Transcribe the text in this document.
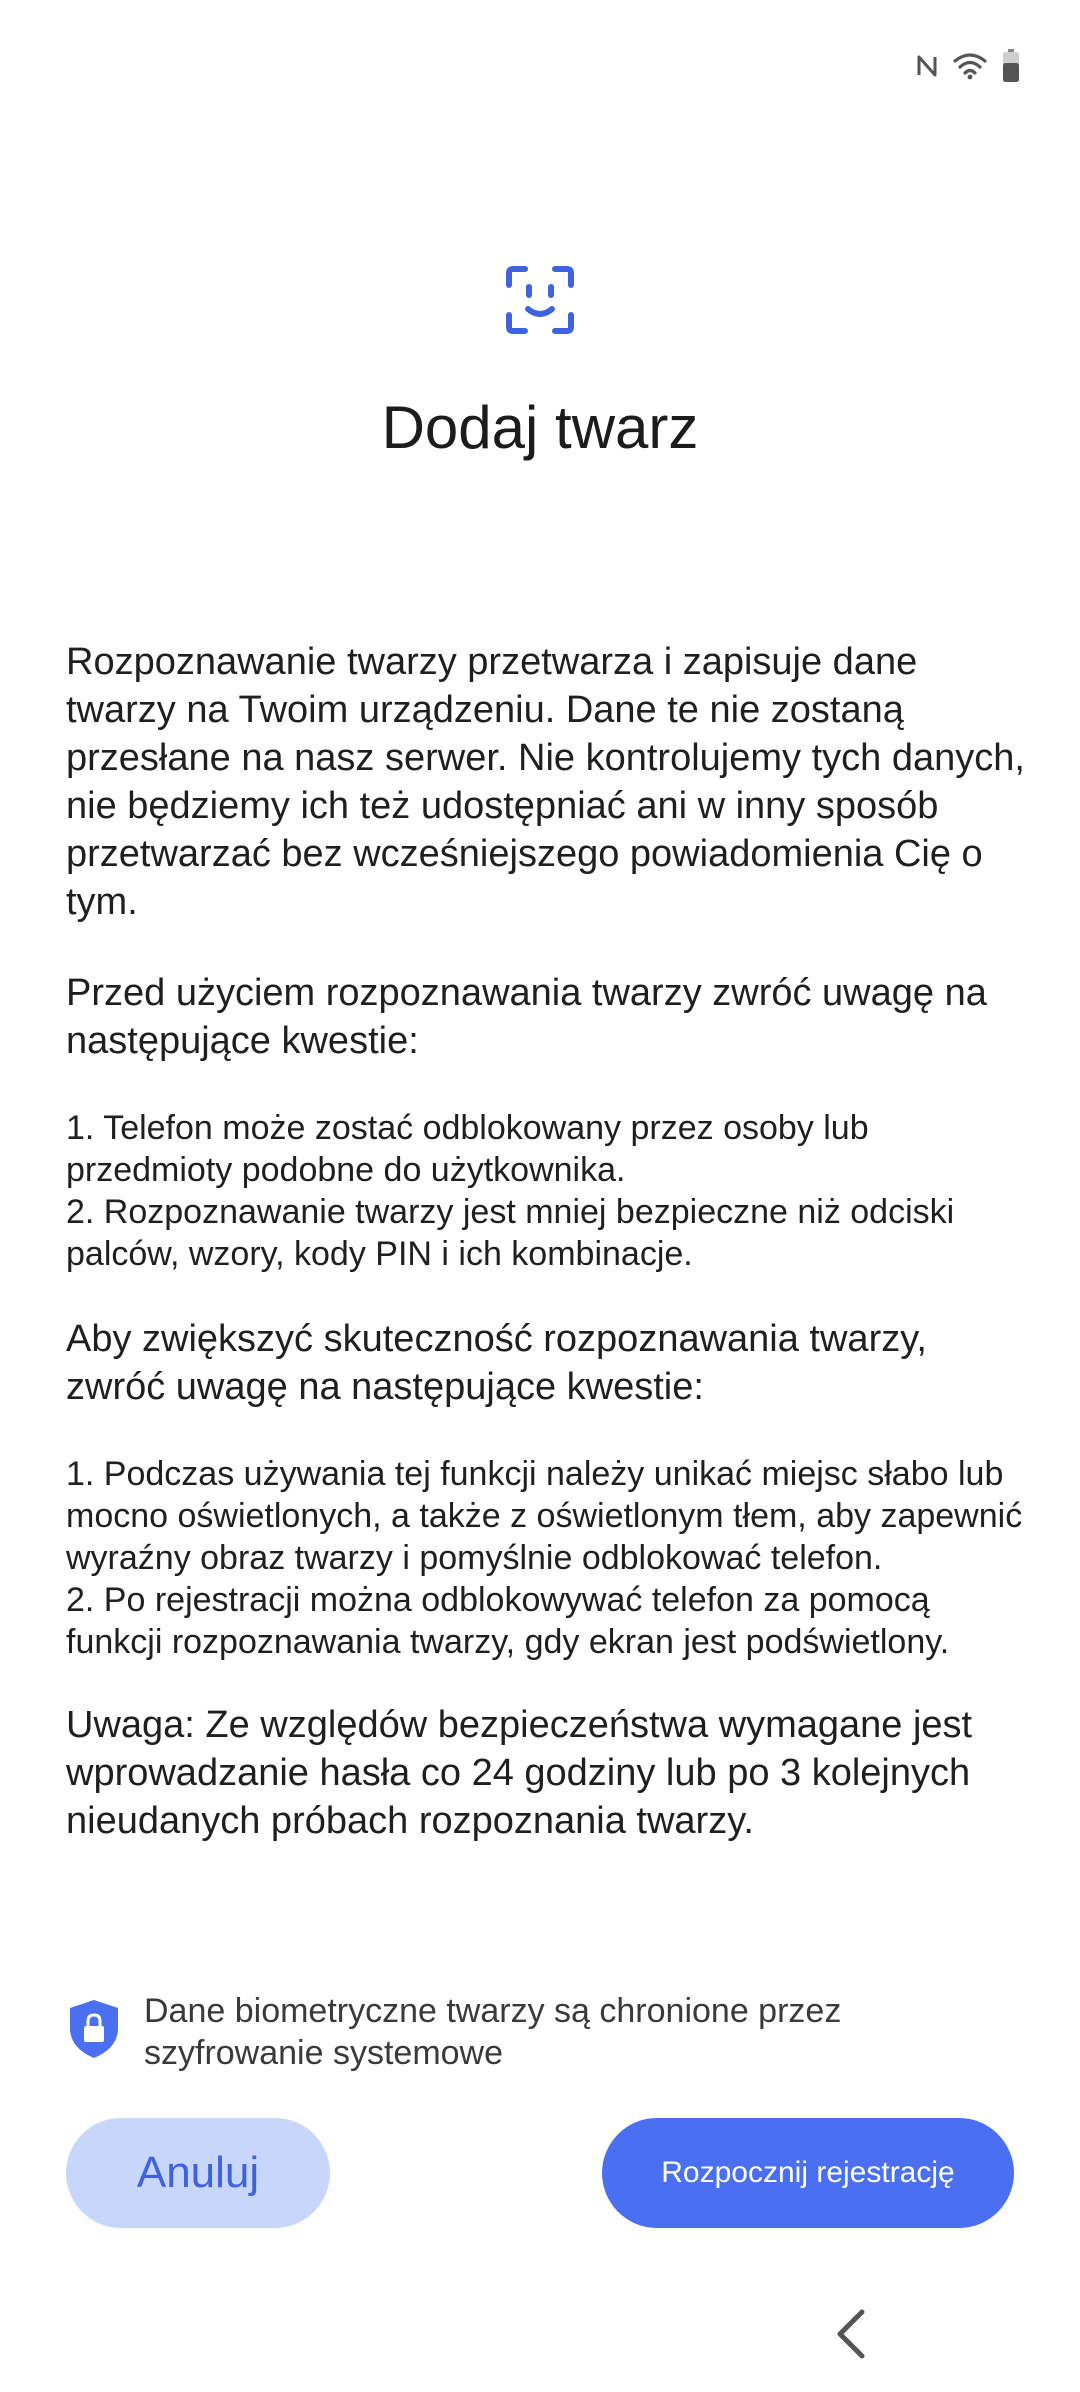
Dodaj twarz

Rozpoznawanie twarzy przetwarza i zapisuje dane twarzy na Twoim urządzeniu. Dane te nie zostaną przesłane na nasz serwer. Nie kontrolujemy tych danych, nie będziemy ich też udostępniać ani w inny sposób przetwarzać bez wcześniejszego powiadomienia Cię o tym.

Przed użyciem rozpoznawania twarzy zwróć uwagę na następujące kwestie:

1. Telefon może zostać odblokowany przez osoby lub przedmioty podobne do użytkownika.
2. Rozpoznawanie twarzy jest mniej bezpieczne niż odciski palców, wzory, kody PIN i ich kombinacje.

Aby zwiększyć skuteczność rozpoznawania twarzy, zwróć uwagę na następujące kwestie:

1. Podczas używania tej funkcji należy unikać miejsc słabo lub mocno oświetlonych, a także z oświetlonym tłem, aby zapewnić wyraźny obraz twarzy i pomyślnie odblokować telefon.
2. Po rejestracji można odblokowywać telefon za pomocą funkcji rozpoznawania twarzy, gdy ekran jest podświetlony.

Uwaga: Ze względów bezpieczeństwa wymagane jest wprowadzanie hasła co 24 godziny lub po 3 kolejnych nieudanych próbach rozpoznania twarzy.

Dane biometryczne twarzy są chronione przez szyfrowanie systemowe
Anuluj	Rozpocznij rejestrację
